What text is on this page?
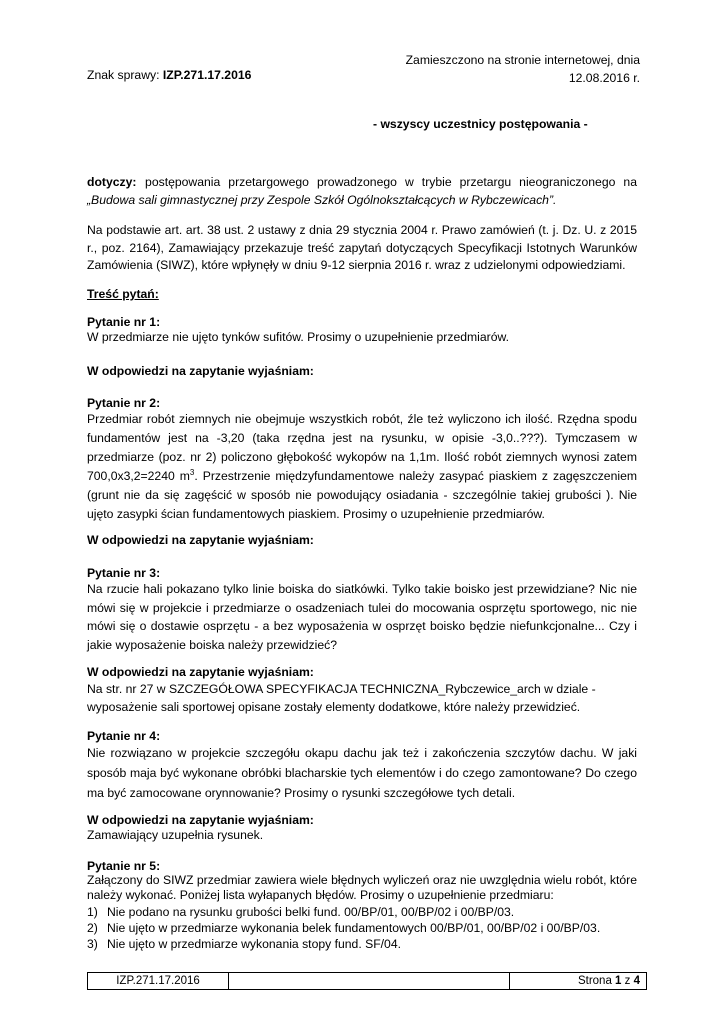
Zamieszczono na stronie internetowej, dnia 12.08.2016 r.
Znak sprawy: IZP.271.17.2016
- wszyscy uczestnicy postępowania -
dotyczy: postępowania przetargowego prowadzonego w trybie przetargu nieograniczonego na „Budowa sali gimnastycznej przy Zespole Szkół Ogólnokształcących w Rybczewicach”.

Na podstawie art. art. 38 ust. 2 ustawy z dnia 29 stycznia 2004 r. Prawo zamówień (t. j. Dz. U. z 2015 r., poz. 2164), Zamawiający przekazuje treść zapytań dotyczących Specyfikacji Istotnych Warunków Zamówienia (SIWZ), które wpłynęły w dniu 9-12 sierpnia 2016 r. wraz z udzielonymi odpowiedziami.

Treść pytań:
Pytanie nr 1:

W przedmiarze nie ujęto tynków sufitów. Prosimy o uzupełnienie przedmiarów.

W odpowiedzi na zapytanie wyjaśniam:
Pytanie nr 2:

Przedmiar robót ziemnych nie obejmuje wszystkich robót, źle też wyliczono ich ilość. Rzędna spodu fundamentów jest na -3,20 (taka rzędna jest na rysunku, w opisie -3,0..???). Tymczasem w przedmiarze (poz. nr 2) policzono głębokość wykopów na 1,1m. Ilość robót ziemnych wynosi zatem 700,0x3,2=2240 $m^3$. Przestrzenie międzyfundamentowe należy zasypać piaskiem z zagęszczeniem (grunt nie da się zagęścić w sposób nie powodujący osiadania - szczególnie takiej grubości ). Nie ujęto zasypki ścian fundamentowych piaskiem. Prosimy o uzupełnienie przedmiarów.

W odpowiedzi na zapytanie wyjaśniam:
Pytanie nr 3:

Na rzucie hali pokazano tylko linie boiska do siatkówki. Tylko takie boisko jest przewidziane? Nic nie mówi się w projekcie i przedmiarze o osadzeniach tulei do mocowania osprzętu sportowego, nic nie mówi się o dostawie osprzętu - a bez wyposażenia w osprzęt boisko będzie niefunkcjonalne... Czy i jakie wyposażenie boiska należy przewidzieć?

W odpowiedzi na zapytanie wyjaśniam:

Na str. nr 27 w SZCZEGÓŁOWA SPECYFIKACJA TECHNICZNA_Rybczewice_arch w dziale - wyposażenie sali sportowej opisane zostały elementy dodatkowe, które należy przewidzieć.

Pytanie nr 4:

Nie rozwiązano w projekcie szczegółu okapu dachu jak też i zakończenia szczytów dachu. W jaki sposób maja być wykonane obróbki blacharskie tych elementów i do czego zamontowane? Do czego ma być zamocowane orynnowanie? Prosimy o rysunki szczegółowe tych detali.

W odpowiedzi na zapytanie wyjaśniam:

Zamawiający uzupełnia rysunek.

Pytanie nr 5:

Załączony do SIWZ przedmiar zawiera wiele błędnych wyliczeń oraz nie uwzględnia wielu robót, które należy wykonać. Poniżej lista wyłapanych błędów. Prosimy o uzupełnienie przedmiaru:

1) Nie podano na rysunku grubości belki fund. 00/BP/01, 00/BP/02 i 00/BP/03.
2) Nie ujęto w przedmiarze wykonania belek fundamentowych 00/BP/01, 00/BP/02 i 00/BP/03.
3) Nie ujęto w przedmiarze wykonania stopy fund. SF/04.
IZP.271.17.2016	Strona 1 z 4
